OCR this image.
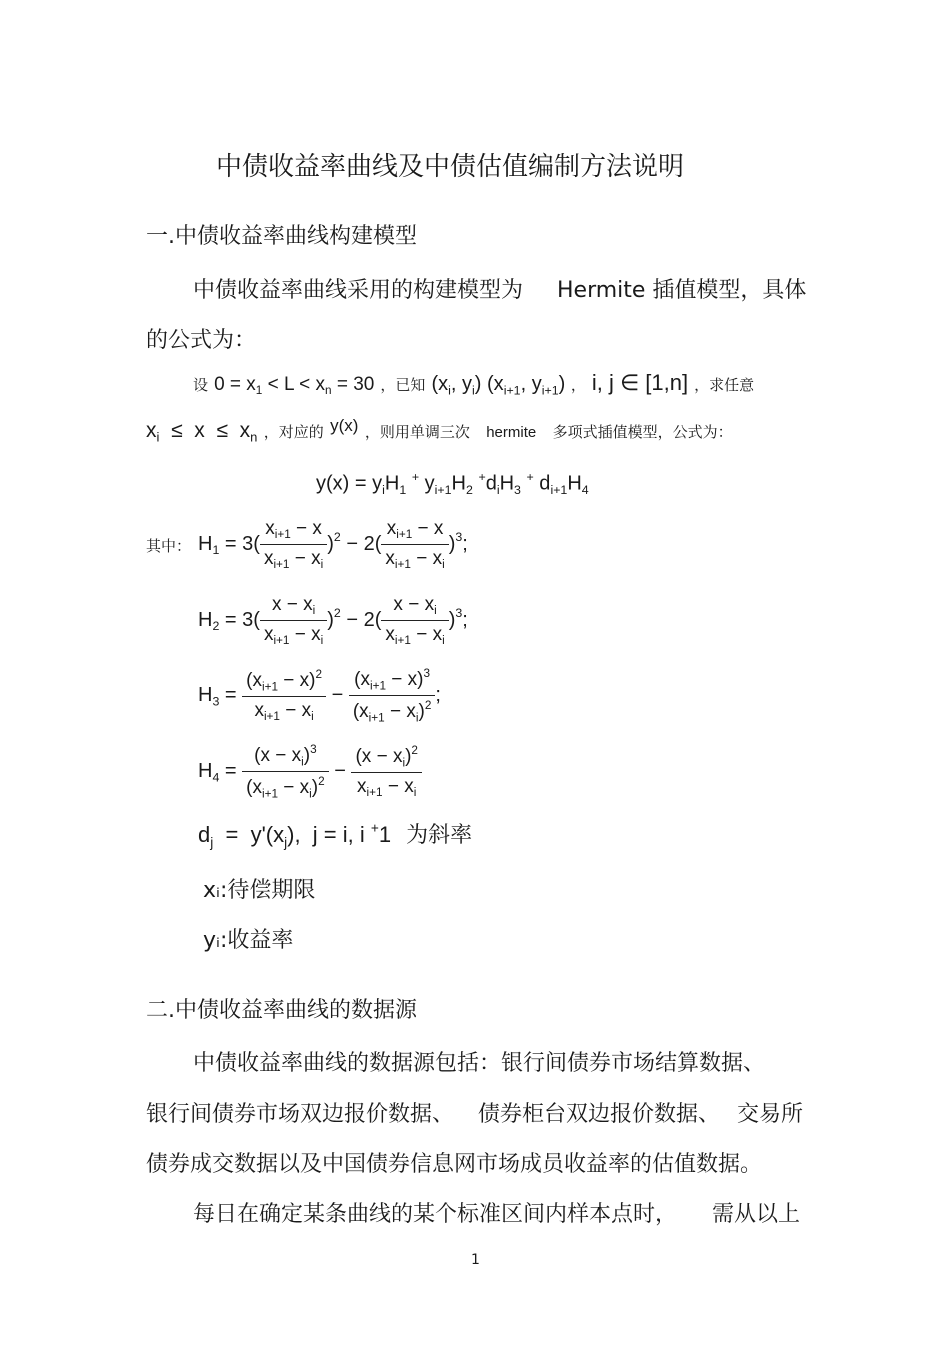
中债收益率曲线及中债估值编制方法说明
一.中债收益率曲线构建模型
中债收益率曲线采用的构建模型为 Hermite 插值模型，具体
的公式为：
设 $0 = x_1 < L < x_n = 30$ ，已知 ($x_i$, $y_i$) ($x_{i+1}$, $y_{i+1}$) ， i, j ∈ [1,n] ，求任意
$x_i \le x \le x_n$ ，对应的 $^{y(x)}$ ，则用单调三次 hermite 多项式插值模型，公式为：
$y(x) = y_iH_1$ + $y_{i+1}H_2$ $^+d_iH_3$ + $d_{i+1}H_4$
其中： $H_1 = 3( \frac{x_{i+1} - x}{x_{i+1} - x_i} )^2 - 2( \frac{x_{i+1} - x}{x_{i+1} - x_i} )^3$;
$H_2 = 3( \frac{x - x_i}{x_{i+1} - x_i} )^2 - 2( \frac{x - x_i}{x_{i+1} - x_i} )^3$;
$H_3 = \frac{(x_{i+1} - x)^2}{x_{i+1} - x_i} - \frac{(x_{i+1} - x)^3}{(x_{i+1} - x_i)^2}$ ;
$H_4 = \frac{(x - x_i)^3}{(x_{i+1} - x_i)^2} - \frac{(x - x_i)^2}{x_{i+1} - x_i}$
$d_j = y'(x_j)$,  j = i, i +1 为斜率
xᵢ:待偿期限
yᵢ:收益率
二.中债收益率曲线的数据源
中债收益率曲线的数据源包括：银行间债券市场结算数据、
银行间债券市场双边报价数据、 债券柜台双边报价数据、 交易所
债券成交数据以及中国债券信息网市场成员收益率的估值数据。
每日在确定某条曲线的某个标准区间内样本点时， 需从以上
1
